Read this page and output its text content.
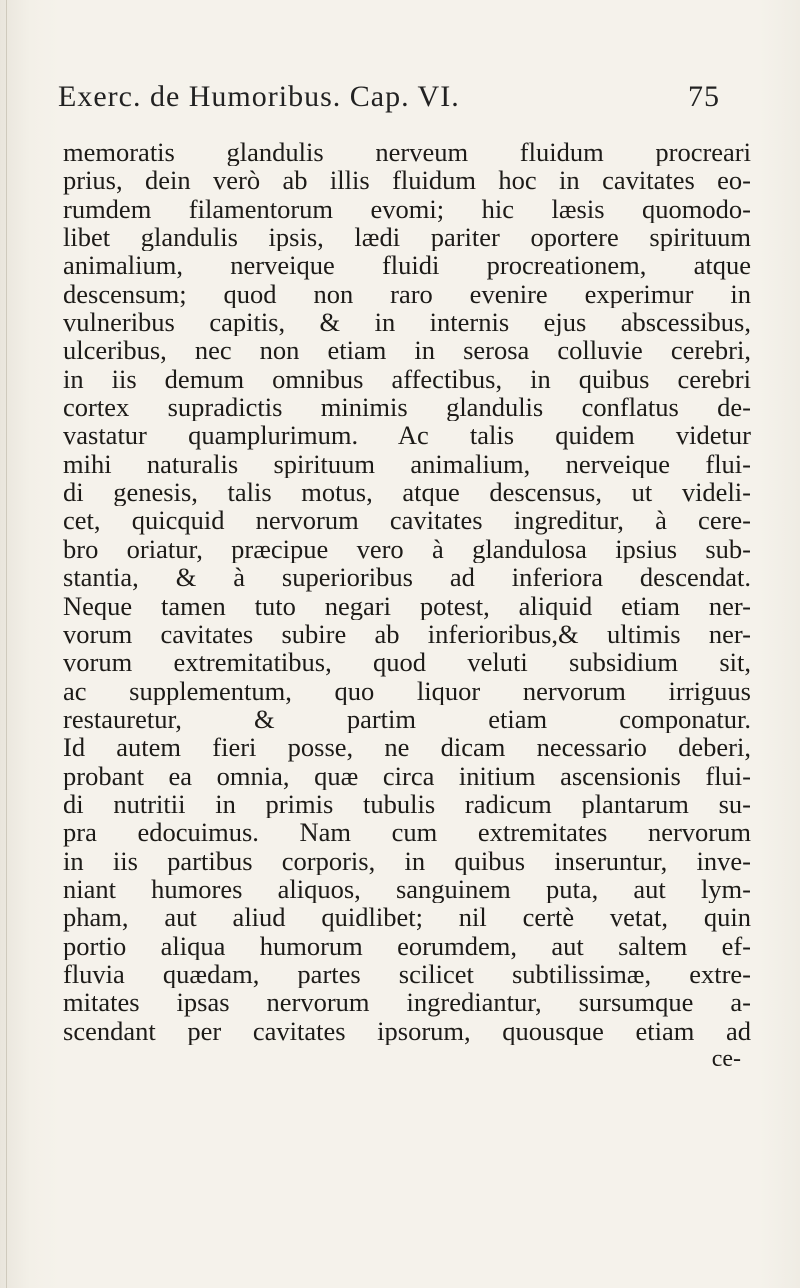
Exerc. de Humoribus. Cap. VI.	75
memoratis glandulis nerveum fluidum procreari
prius, dein verò ab illis fluidum hoc in cavitates eo-
rumdem filamentorum evomi; hic læsis quomodo-
libet glandulis ipsis, lædi pariter oportere spirituum
animalium, nerveique fluidi procreationem, atque
descensum; quod non raro evenire experimur in
vulneribus capitis, & in internis ejus abscessibus,
ulceribus, nec non etiam in serosa colluvie cerebri,
in iis demum omnibus affectibus, in quibus cerebri
cortex supradictis minimis glandulis conflatus de-
vastatur quamplurimum. Ac talis quidem videtur
mihi naturalis spirituum animalium, nerveique flui-
di genesis, talis motus, atque descensus, ut videli-
cet, quicquid nervorum cavitates ingreditur, à cere-
bro oriatur, præcipue vero à glandulosa ipsius sub-
stantia, & à superioribus ad inferiora descendat.
Neque tamen tuto negari potest, aliquid etiam ner-
vorum cavitates subire ab inferioribus,& ultimis ner-
vorum extremitatibus, quod veluti subsidium sit,
ac supplementum, quo liquor nervorum irriguus
restauretur, & partim etiam componatur.
Id autem fieri posse, ne dicam necessario deberi,
probant ea omnia, quæ circa initium ascensionis flui-
di nutritii in primis tubulis radicum plantarum su-
pra edocuimus. Nam cum extremitates nervorum
in iis partibus corporis, in quibus inseruntur, inve-
niant humores aliquos, sanguinem puta, aut lym-
pham, aut aliud quidlibet; nil certè vetat, quin
portio aliqua humorum eorumdem, aut saltem ef-
fluvia quædam, partes scilicet subtilissimæ, extre-
mitates ipsas nervorum ingrediantur, sursumque a-
scendant per cavitates ipsorum, quousque etiam ad
ce-
